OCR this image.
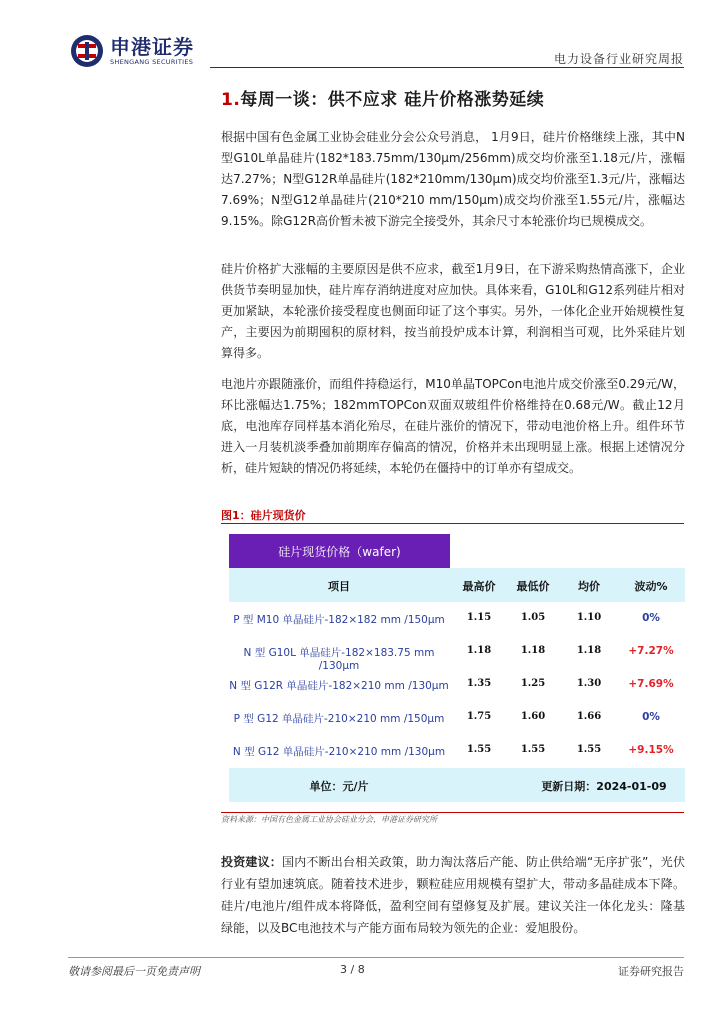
申港证券
SHENGANG SECURITIES	电力设备行业研究周报
1.每周一谈：供不应求 硅片价格涨势延续

根据中国有色金属工业协会硅业分会公众号消息， 1月9日，硅片价格继续上涨，其中N型G10L单晶硅片(182*183.75mm/130μm/256mm)成交均价涨至1.18元/片，涨幅达7.27%；N型G12R单晶硅片(182*210mm/130μm)成交均价涨至1.3元/片，涨幅达7.69%；N型G12单晶硅片(210*210 mm/150μm)成交均价涨至1.55元/片，涨幅达9.15%。除G12R高价暂未被下游完全接受外，其余尺寸本轮涨价均已规模成交。

硅片价格扩大涨幅的主要原因是供不应求，截至1月9日，在下游采购热情高涨下，企业供货节奏明显加快，硅片库存消纳进度对应加快。具体来看，G10L和G12系列硅片相对更加紧缺，本轮涨价接受程度也侧面印证了这个事实。另外，一体化企业开始规模性复产，主要因为前期囤积的原材料，按当前投炉成本计算，利润相当可观，比外采硅片划算得多。

电池片亦跟随涨价，而组件持稳运行，M10单晶TOPCon电池片成交价涨至0.29元/W，环比涨幅达1.75%；182mmTOPCon双面双玻组件价格维持在0.68元/W。截止12月底，电池库存同样基本消化殆尽，在硅片涨价的情况下，带动电池价格上升。组件环节进入一月装机淡季叠加前期库存偏高的情况，价格并未出现明显上涨。根据上述情况分析，硅片短缺的情况仍将延续，本轮仍在僵持中的订单亦有望成交。

图1：硅片现货价
硅片现货价格（wafer)
项目	最高价	最低价	均价	波动%
P 型 M10 单晶硅片-182×182 mm /150μm	1.15	1.05	1.10	0%
N 型 G10L 单晶硅片-182×183.75 mm /130μm
1.18	1.18	1.18	+7.27%
N 型 G12R 单晶硅片-182×210 mm /130μm	1.35	1.25	1.30	+7.69%
P 型 G12 单晶硅片-210×210 mm /150μm	1.75	1.60	1.66	0%
N 型 G12 单晶硅片-210×210 mm /130μm	1.55	1.55	1.55	+9.15%
单位：元/片	更新日期：2024-01-09
资料来源：中国有色金属工业协会硅业分会，申港证券研究所

投资建议：国内不断出台相关政策，助力淘汰落后产能、防止供给端“无序扩张”，光伏行业有望加速筑底。随着技术进步，颗粒硅应用规模有望扩大，带动多晶硅成本下降。硅片/电池片/组件成本将降低，盈利空间有望修复及扩展。建议关注一体化龙头：隆基绿能，以及BC电池技术与产能方面布局较为领先的企业：爱旭股份。

敬请参阅最后一页免责声明	3 / 8	证券研究报告
